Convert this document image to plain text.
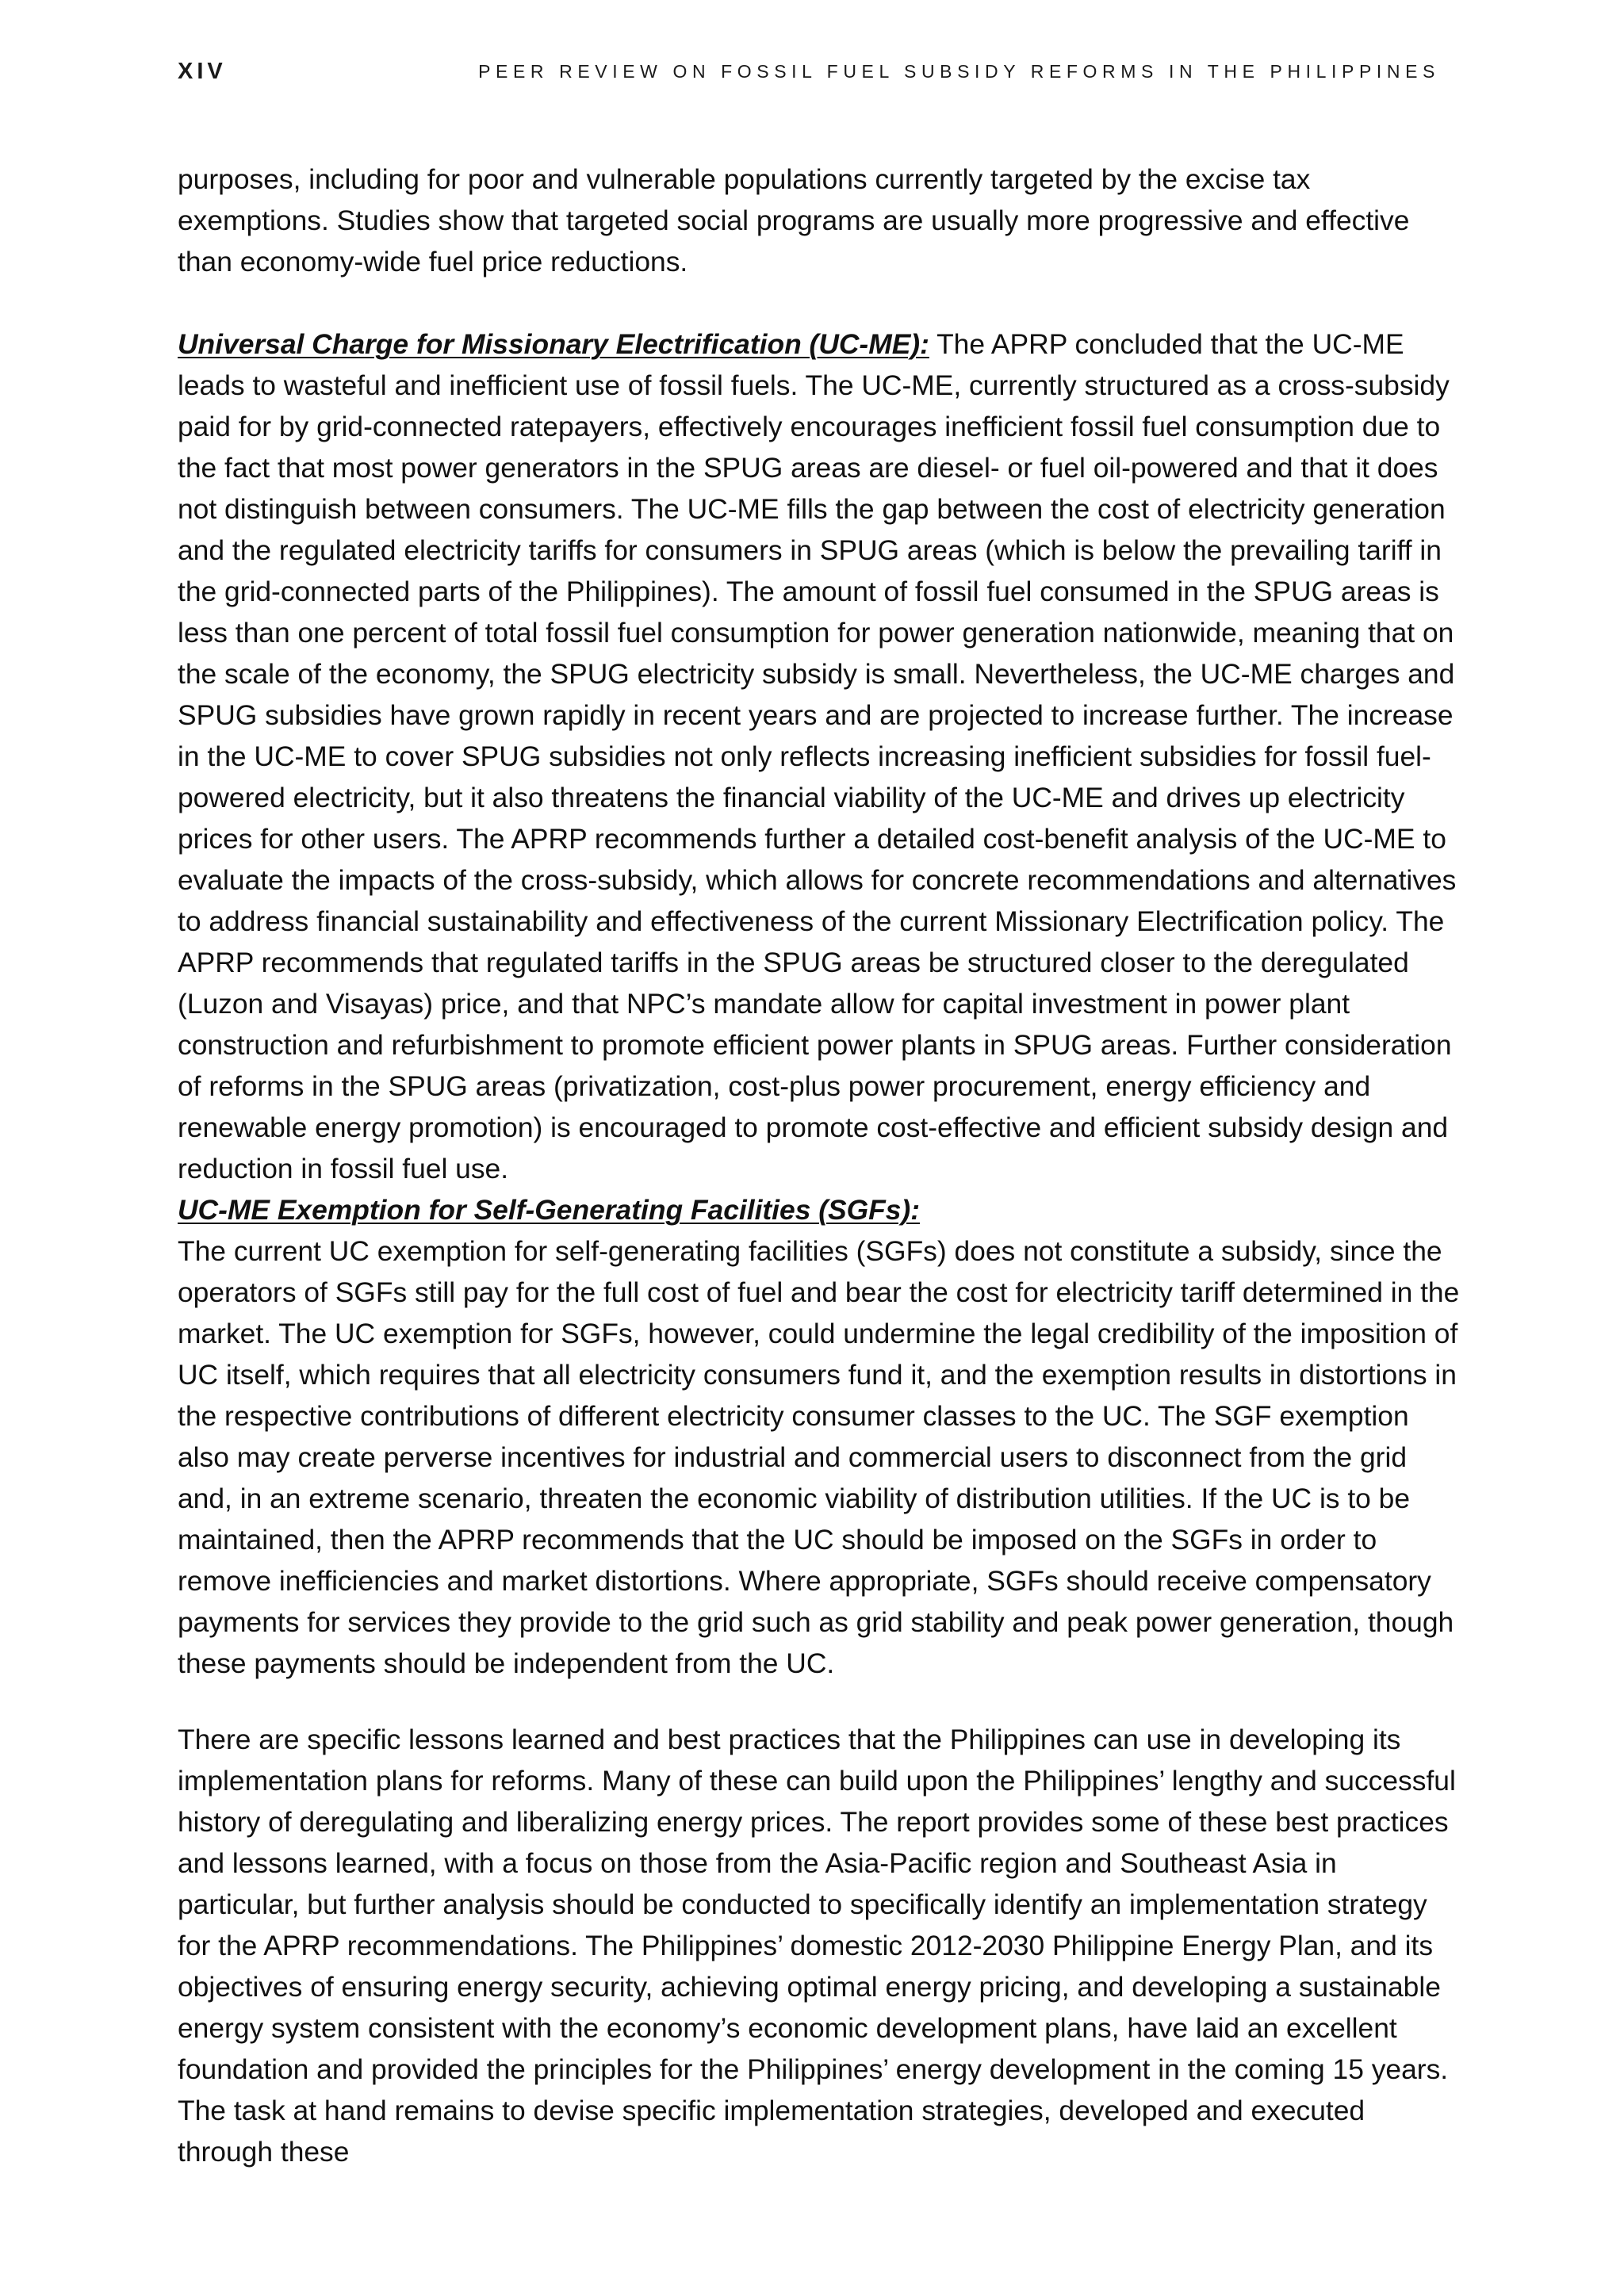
XIV	PEER REVIEW ON FOSSIL FUEL SUBSIDY REFORMS IN THE PHILIPPINES

purposes, including for poor and vulnerable populations currently targeted by the excise tax exemptions. Studies show that targeted social programs are usually more progressive and effective than economy-wide fuel price reductions.

Universal Charge for Missionary Electrification (UC-ME): The APRP concluded that the UC-ME leads to wasteful and inefficient use of fossil fuels. The UC-ME, currently structured as a cross-subsidy paid for by grid-connected ratepayers, effectively encourages inefficient fossil fuel consumption due to the fact that most power generators in the SPUG areas are diesel- or fuel oil-powered and that it does not distinguish between consumers. The UC-ME fills the gap between the cost of electricity generation and the regulated electricity tariffs for consumers in SPUG areas (which is below the prevailing tariff in the grid-connected parts of the Philippines). The amount of fossil fuel consumed in the SPUG areas is less than one percent of total fossil fuel consumption for power generation nationwide, meaning that on the scale of the economy, the SPUG electricity subsidy is small. Nevertheless, the UC-ME charges and SPUG subsidies have grown rapidly in recent years and are projected to increase further. The increase in the UC-ME to cover SPUG subsidies not only reflects increasing inefficient subsidies for fossil fuel-powered electricity, but it also threatens the financial viability of the UC-ME and drives up electricity prices for other users. The APRP recommends further a detailed cost-benefit analysis of the UC-ME to evaluate the impacts of the cross-subsidy, which allows for concrete recommendations and alternatives to address financial sustainability and effectiveness of the current Missionary Electrification policy. The APRP recommends that regulated tariffs in the SPUG areas be structured closer to the deregulated (Luzon and Visayas) price, and that NPC’s mandate allow for capital investment in power plant construction and refurbishment to promote efficient power plants in SPUG areas. Further consideration of reforms in the SPUG areas (privatization, cost-plus power procurement, energy efficiency and renewable energy promotion) is encouraged to promote cost-effective and efficient subsidy design and reduction in fossil fuel use.

UC-ME Exemption for Self-Generating Facilities (SGFs):

The current UC exemption for self-generating facilities (SGFs) does not constitute a subsidy, since the operators of SGFs still pay for the full cost of fuel and bear the cost for electricity tariff determined in the market. The UC exemption for SGFs, however, could undermine the legal credibility of the imposition of UC itself, which requires that all electricity consumers fund it, and the exemption results in distortions in the respective contributions of different electricity consumer classes to the UC. The SGF exemption also may create perverse incentives for industrial and commercial users to disconnect from the grid and, in an extreme scenario, threaten the economic viability of distribution utilities. If the UC is to be maintained, then the APRP recommends that the UC should be imposed on the SGFs in order to remove inefficiencies and market distortions. Where appropriate, SGFs should receive compensatory payments for services they provide to the grid such as grid stability and peak power generation, though these payments should be independent from the UC.

There are specific lessons learned and best practices that the Philippines can use in developing its implementation plans for reforms. Many of these can build upon the Philippines’ lengthy and successful history of deregulating and liberalizing energy prices. The report provides some of these best practices and lessons learned, with a focus on those from the Asia-Pacific region and Southeast Asia in particular, but further analysis should be conducted to specifically identify an implementation strategy for the APRP recommendations. The Philippines’ domestic 2012-2030 Philippine Energy Plan, and its objectives of ensuring energy security, achieving optimal energy pricing, and developing a sustainable energy system consistent with the economy’s economic development plans, have laid an excellent foundation and provided the principles for the Philippines’ energy development in the coming 15 years. The task at hand remains to devise specific implementation strategies, developed and executed through these
